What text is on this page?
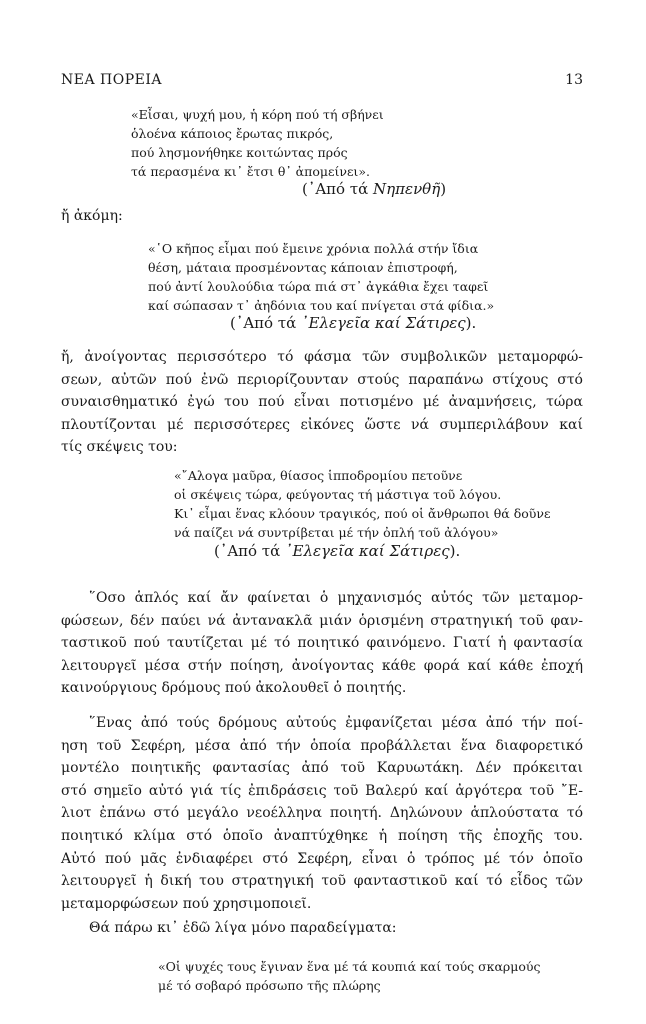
ΝΕΑ ΠΟΡΕΙΑ	13
«Εἶσαι, ψυχή μου, ἡ κόρη πού τή σβήνει
ὁλοένα κάποιος ἔρωτας πικρός,
πού λησμονήθηκε κοιτώντας πρός
τά περασμένα κι᾽ ἔτσι θ᾽ ἀπομείνει».
(᾽Από τά Νηπενθῆ)
ἤ ἀκόμη:
«῾Ο κῆπος εἶμαι πού ἔμεινε χρόνια πολλά στήν ἴδια
θέση, μάταια προσμένοντας κάποιαν ἐπιστροφή,
πού ἀντί λουλούδια τώρα πιά στ᾽ ἀγκάθια ἔχει ταφεῖ
καί σώπασαν τ᾽ ἀηδόνια του καί πνίγεται στά φίδια.»
(᾽Από τά ᾽Ελεγεῖα καί Σάτιρες).
ἤ, ἀνοίγοντας περισσότερο τό φάσμα τῶν συμβολικῶν μεταμορφώ-
σεων, αὐτῶν πού ἐνῶ περιορίζουνταν στούς παραπάνω στίχους στό
συναισθηματικό ἐγώ του πού εἶναι ποτισμένο μέ ἀναμνήσεις, τώρα
πλουτίζονται μέ περισσότερες εἰκόνες ὥστε νά συμπεριλάβουν καί
τίς σκέψεις του:
«῎Αλογα μαῦρα, θίασος ἱπποδρομίου πετοῦνε
οἱ σκέψεις τώρα, φεύγοντας τή μάστιγα τοῦ λόγου.
Κι᾽ εἶμαι ἕνας κλόουν τραγικός, πού οἱ ἄνθρωποι θά δοῦνε
νά παίζει νά συντρίβεται μέ τήν ὀπλή τοῦ ἀλόγου»
(᾽Από τά ᾽Ελεγεῖα καί Σάτιρες).
῞Οσο ἁπλός καί ἄν φαίνεται ὁ μηχανισμός αὐτός τῶν μεταμορ-
φώσεων, δέν παύει νά ἀντανακλᾶ μιάν ὁρισμένη στρατηγική τοῦ φαν-
ταστικοῦ πού ταυτίζεται μέ τό ποιητικό φαινόμενο. Γιατί ἡ φαντασία
λειτουργεῖ μέσα στήν ποίηση, ἀνοίγοντας κάθε φορά καί κάθε ἐποχή
καινούργιους δρόμους πού ἀκολουθεῖ ὁ ποιητής.
῞Ενας ἀπό τούς δρόμους αὐτούς ἐμφανίζεται μέσα ἀπό τήν ποί-
ηση τοῦ Σεφέρη, μέσα ἀπό τήν ὁποία προβάλλεται ἕνα διαφορετικό
μοντέλο ποιητικῆς φαντασίας ἀπό τοῦ Καρυωτάκη. Δέν πρόκειται
στό σημεῖο αὐτό γιά τίς ἐπιδράσεις τοῦ Βαλερύ καί ἀργότερα τοῦ ῎Ε-
λιοτ ἐπάνω στό μεγάλο νεοέλληνα ποιητή. Δηλώνουν ἁπλούστατα τό
ποιητικό κλίμα στό ὁποῖο ἀναπτύχθηκε ἡ ποίηση τῆς ἐποχῆς του.
Αὐτό πού μᾶς ἐνδιαφέρει στό Σεφέρη, εἶναι ὁ τρόπος μέ τόν ὁποῖο
λειτουργεῖ ἡ δική του στρατηγική τοῦ φανταστικοῦ καί τό εἶδος τῶν
μεταμορφώσεων πού χρησιμοποιεῖ.
Θά πάρω κι᾽ ἐδῶ λίγα μόνο παραδείγματα:
«Οἱ ψυχές τους ἔγιναν ἕνα μέ τά κουπιά καί τούς σκαρμούς
μέ τό σοβαρό πρόσωπο τῆς πλώρης
